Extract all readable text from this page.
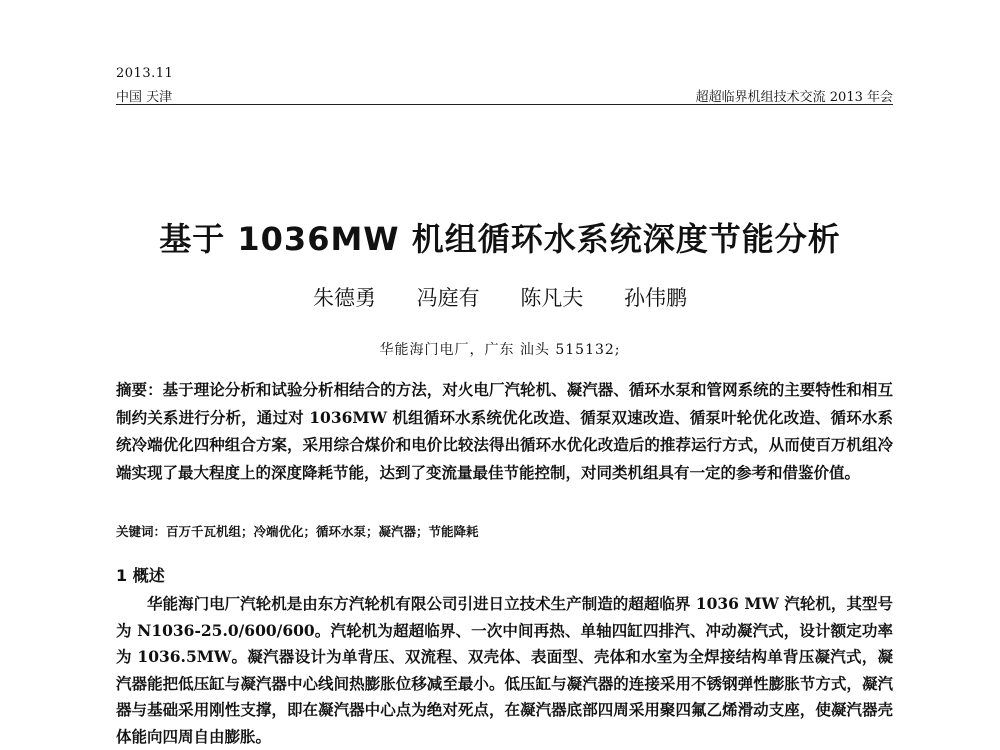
2013.11
中国 天津	超超临界机组技术交流 2013 年会
基于 1036MW 机组循环水系统深度节能分析
朱德勇 冯庭有 陈凡夫 孙伟鹏
华能海门电厂，广东 汕头 515132;
摘要：基于理论分析和试验分析相结合的方法，对火电厂汽轮机、凝汽器、循环水泵和管网系统的主要特性和相互制约关系进行分析，通过对 1036MW 机组循环水系统优化改造、循泵双速改造、循泵叶轮优化改造、循环水系统冷端优化四种组合方案，采用综合煤价和电价比较法得出循环水优化改造后的推荐运行方式，从而使百万机组冷端实现了最大程度上的深度降耗节能，达到了变流量最佳节能控制，对同类机组具有一定的参考和借鉴价值。
关键词：百万千瓦机组；冷端优化；循环水泵；凝汽器；节能降耗
1 概述
华能海门电厂汽轮机是由东方汽轮机有限公司引进日立技术生产制造的超超临界 1036 MW 汽轮机，其型号为 N1036-25.0/600/600。汽轮机为超超临界、一次中间再热、单轴四缸四排汽、冲动凝汽式，设计额定功率为 1036.5MW。凝汽器设计为单背压、双流程、双壳体、表面型、壳体和水室为全焊接结构单背压凝汽式，凝汽器能把低压缸与凝汽器中心线间热膨胀位移减至最小。低压缸与凝汽器的连接采用不锈钢弹性膨胀节方式，凝汽器与基础采用刚性支撑，即在凝汽器中心点为绝对死点，在凝汽器底部四周采用聚四氟乙烯滑动支座，使凝汽器壳体能向四周自由膨胀。
